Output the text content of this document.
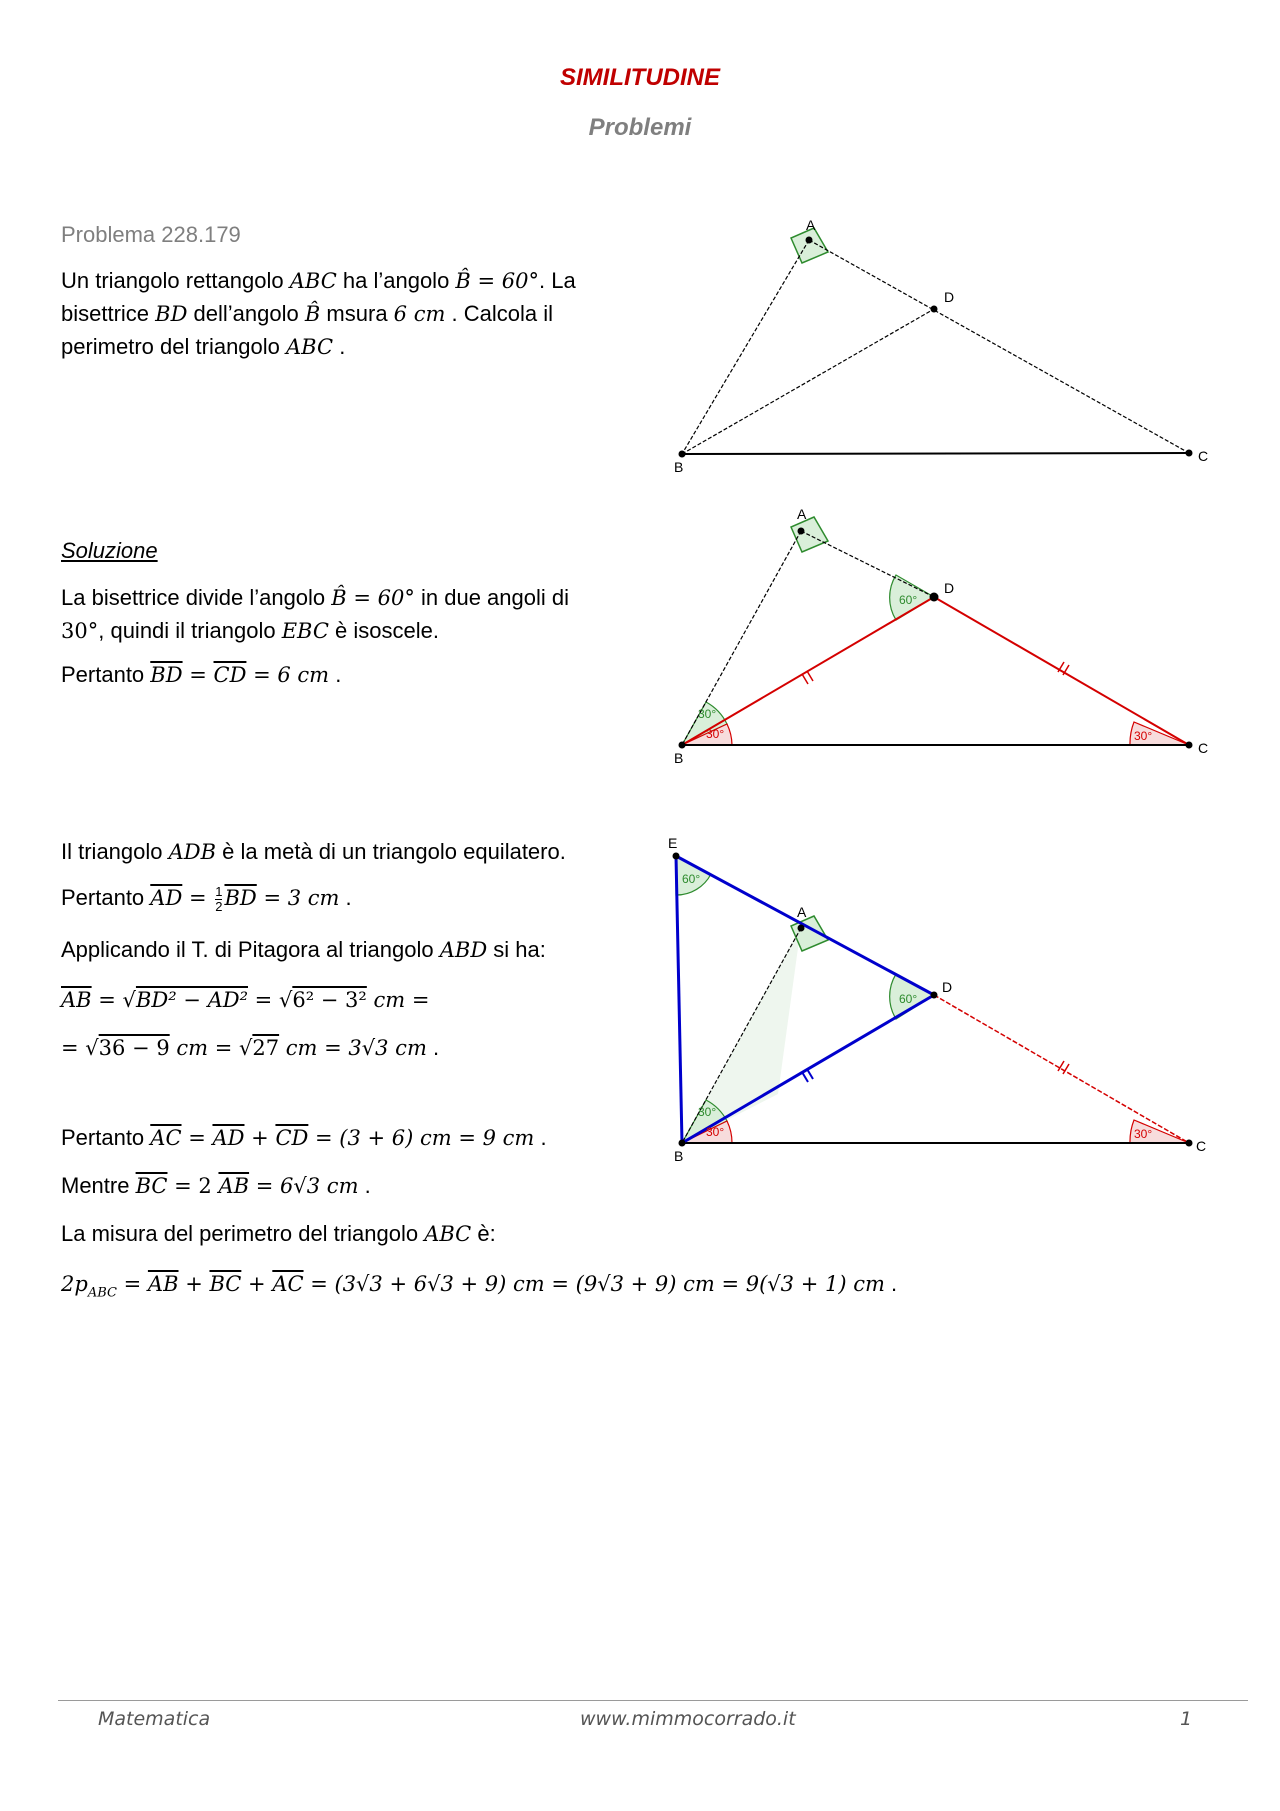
SIMILITUDINE
Problemi
Problema 228.179
Un triangolo rettangolo ABC ha l’angolo B̂ = 60°. La
bisettrice BD dell’angolo B̂ msura 6 cm . Calcola il
perimetro del triangolo ABC .
Soluzione
La bisettrice divide l’angolo B̂ = 60° in due angoli di
30°, quindi il triangolo EBC è isoscele.
Pertanto $\overline{BD} = \overline{CD} = 6$ cm .
Il triangolo ADB è la metà di un triangolo equilatero.
Pertanto $\overline{AD} = \frac{1}{2} \overline{BD} = 3$ cm .
Applicando il T. di Pitagora al triangolo ABD si ha:
$\overline{AB} = √BD^2 - AD^2 = √6^2 - 3^2$ cm =
= √36 − 9 cm = √27 cm = 3√3 cm .
Pertanto $\overline{AC} = \overline{AD} + \overline{CD} = (3 + 6)$ cm = 9 cm .
Mentre $\overline{BC} = 2$ $\overline{AB} = 6√3$ cm .
La misura del perimetro del triangolo ABC è:
$2p_{ABC} = \overline{AB} + \overline{BC} + \overline{AC} = (3√3 + 6√3 + 9)$ cm = (9√3 + 9) cm = 9(√3 + 1) cm .
A
D
B
C
A
D
B
C
60°
30°
30°	30°
E
A
D
B
C
60°
60°
30°
30°	30°
Matematica	www.mimmocorrado.it	1
